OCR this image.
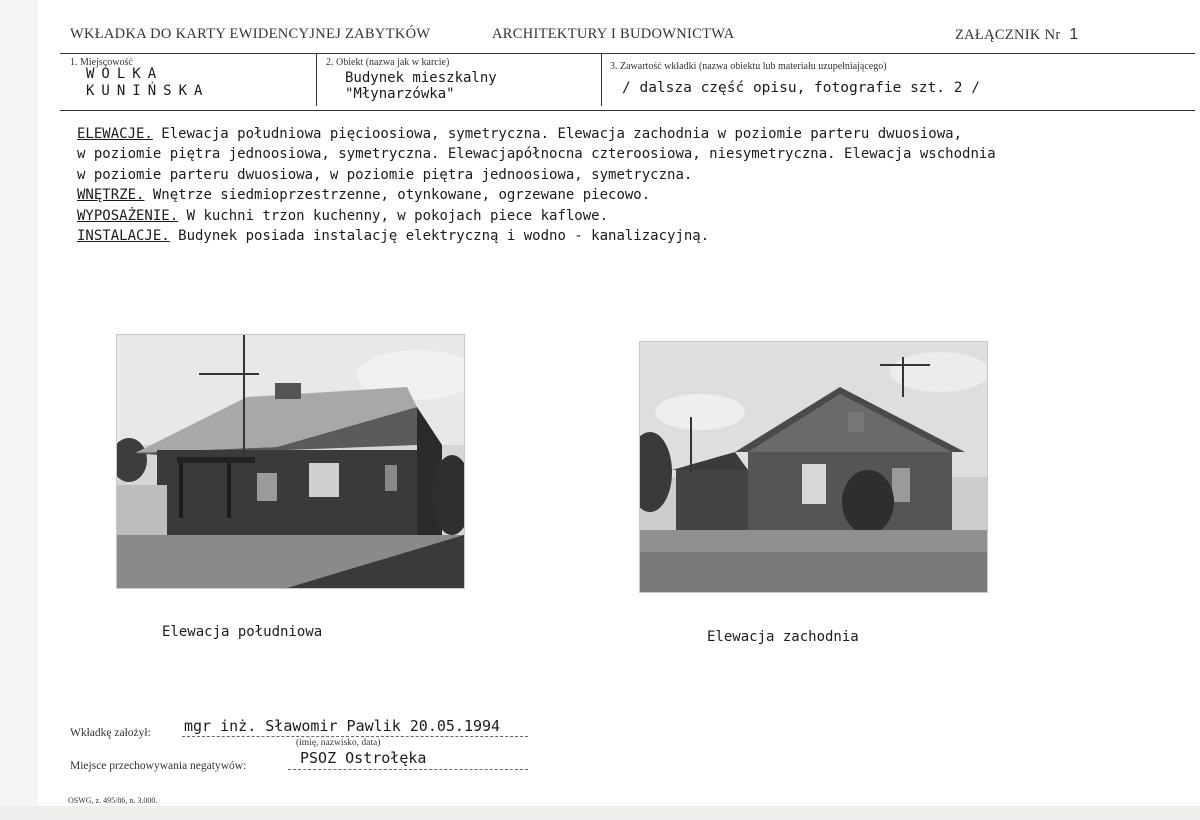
WKŁADKA DO KARTY EWIDENCYJNEJ ZABYTKÓW	ARCHITEKTURY I BUDOWNICTWA	ZAŁĄCZNIK Nr 1
1. Miejscowość
WÓLKA
KUNIŃSKA
2. Obiekt (nazwa jak w karcie)
Budynek mieszkalny
"Młynarzówka"
3. Zawartość wkładki (nazwa obiektu lub materiału uzupełniającego)
/ dalsza część opisu, fotografie szt. 2 /
ELEWACJE. Elewacja południowa pięcioosiowa, symetryczna. Elewacja zachodnia w poziomie parteru dwuosiowa,
w poziomie piętra jednoosiowa, symetryczna. Elewacjapółnocna czteroosiowa, niesymetryczna. Elewacja wschodnia
w poziomie parteru dwuosiowa, w poziomie piętra jednoosiowa, symetryczna.
WNĘTRZE. Wnętrze siedmioprzestrzenne, otynkowane, ogrzewane piecowo.
WYPOSAŻENIE. W kuchni trzon kuchenny, w pokojach piece kaflowe.
INSTALACJE. Budynek posiada instalację elektryczną i wodno - kanalizacyjną.
Elewacja południowa	Elewacja zachodnia
Wkładkę założył: mgr inż. Sławomir Pawlik 20.05.1994
(imię, nazwisko, data)
Miejsce przechowywania negatywów:	PSOZ Ostrołęka
OSWG, z. 495/86, n. 3.000.
